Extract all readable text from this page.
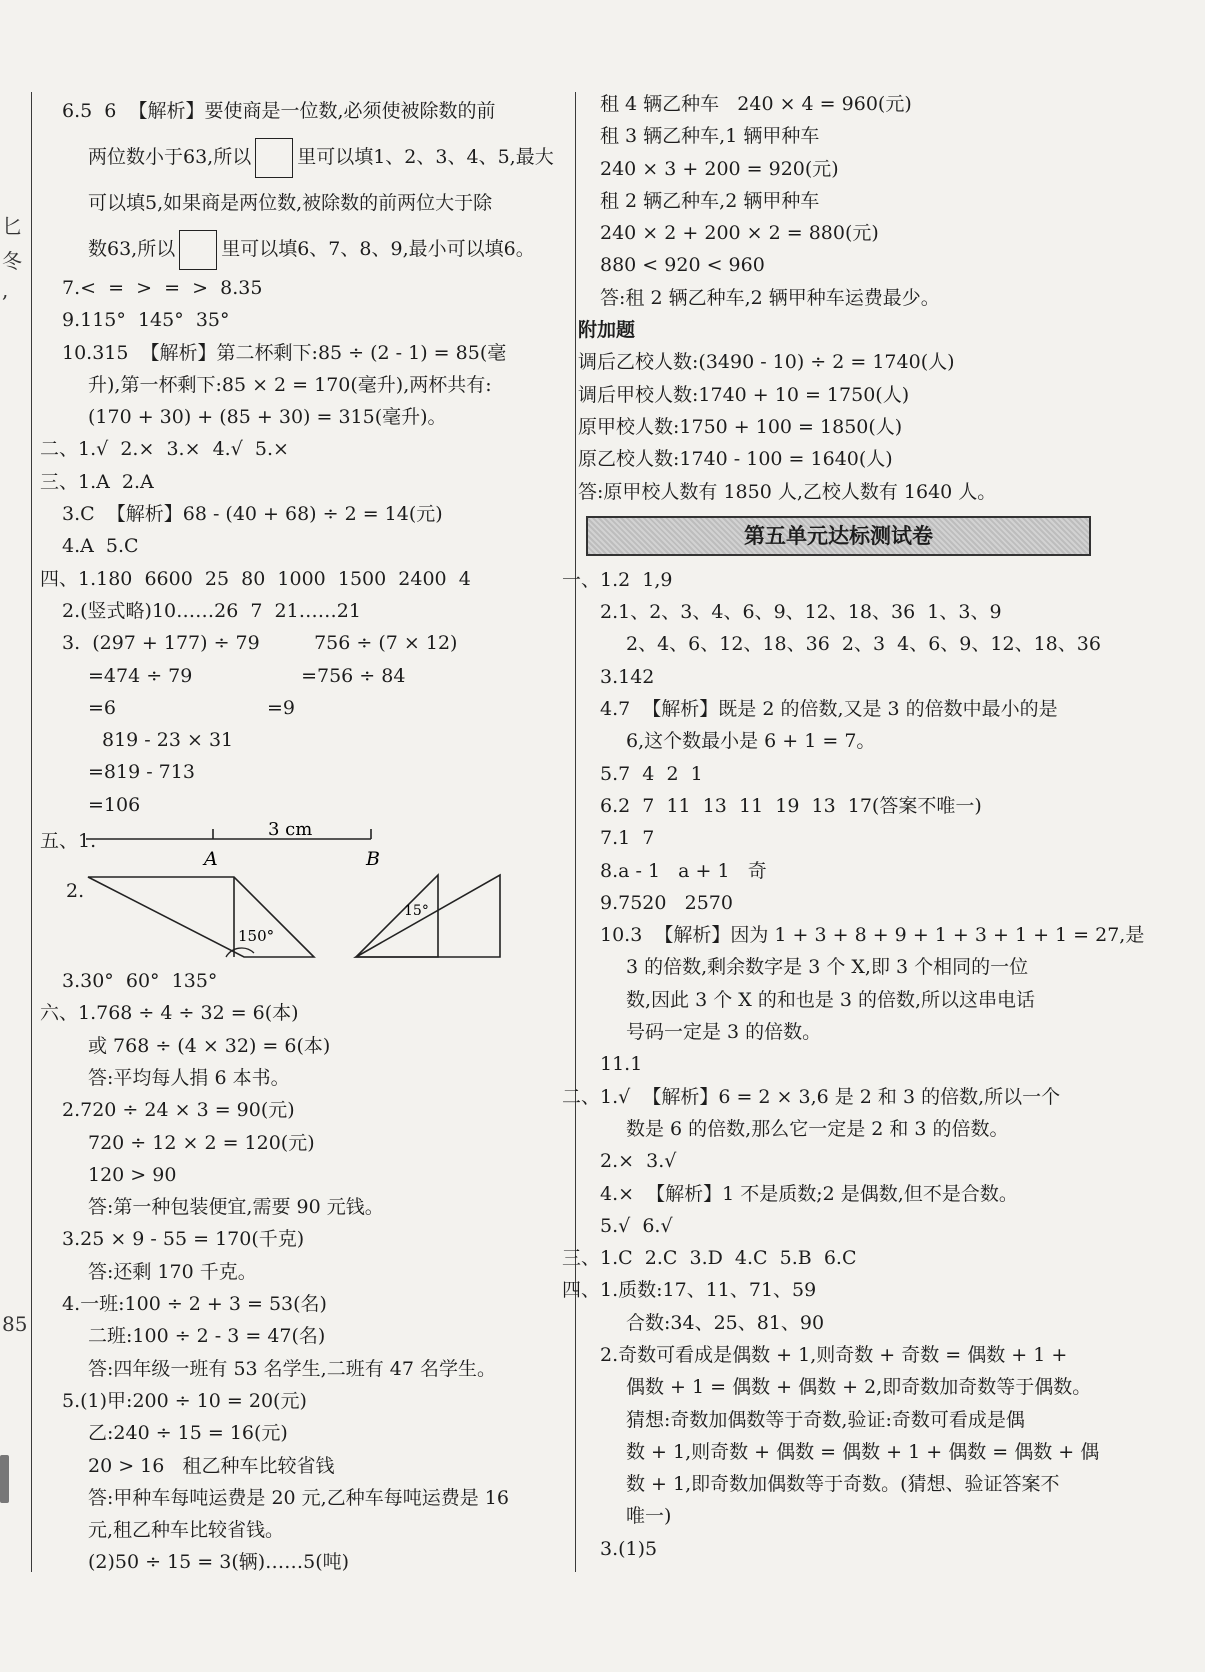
匕
冬
,
85
6.5  6  【解析】要使商是一位数,必须使被除数的前
两位数小于63,所以 里可以填1、2、3、4、5,最大
可以填5,如果商是两位数,被除数的前两位大于除
数63,所以 里可以填6、7、8、9,最小可以填6。
7.<  =  >  =  >  8.35
9.115°  145°  35°
10.315  【解析】第二杯剩下:85 ÷ (2 - 1) = 85(毫
升),第一杯剩下:85 × 2 = 170(毫升),两杯共有:
(170 + 30) + (85 + 30) = 315(毫升)。
二、1.√  2.×  3.×  4.√  5.×
三、1.A  2.A
3.C  【解析】68 - (40 + 68) ÷ 2 = 14(元)
4.A  5.C
四、1.180  6600  25  80  1000  1500  2400  4
2.(竖式略)10……26  7  21……21
3.  (297 + 177) ÷ 79         756 ÷ (7 × 12)
=474 ÷ 79                  =756 ÷ 84
=6                         =9
819 - 23 × 31
=819 - 713
=106
五、1.
3 cm
A	B
2.
150°
15°
3.30°  60°  135°
六、1.768 ÷ 4 ÷ 32 = 6(本)
或 768 ÷ (4 × 32) = 6(本)
答:平均每人捐 6 本书。
2.720 ÷ 24 × 3 = 90(元)
720 ÷ 12 × 2 = 120(元)
120 > 90
答:第一种包装便宜,需要 90 元钱。
3.25 × 9 - 55 = 170(千克)
答:还剩 170 千克。
4.一班:100 ÷ 2 + 3 = 53(名)
二班:100 ÷ 2 - 3 = 47(名)
答:四年级一班有 53 名学生,二班有 47 名学生。
5.(1)甲:200 ÷ 10 = 20(元)
乙:240 ÷ 15 = 16(元)
20 > 16   租乙种车比较省钱
答:甲种车每吨运费是 20 元,乙种车每吨运费是 16
元,租乙种车比较省钱。
(2)50 ÷ 15 = 3(辆)……5(吨)
租 4 辆乙种车   240 × 4 = 960(元)
租 3 辆乙种车,1 辆甲种车
240 × 3 + 200 = 920(元)
租 2 辆乙种车,2 辆甲种车
240 × 2 + 200 × 2 = 880(元)
880 < 920 < 960
答:租 2 辆乙种车,2 辆甲种车运费最少。
附加题
调后乙校人数:(3490 - 10) ÷ 2 = 1740(人)
调后甲校人数:1740 + 10 = 1750(人)
原甲校人数:1750 + 100 = 1850(人)
原乙校人数:1740 - 100 = 1640(人)
答:原甲校人数有 1850 人,乙校人数有 1640 人。
第五单元达标测试卷
一、1.2  1,9
2.1、2、3、4、6、9、12、18、36  1、3、9
2、4、6、12、18、36  2、3  4、6、9、12、18、36
3.142
4.7  【解析】既是 2 的倍数,又是 3 的倍数中最小的是
6,这个数最小是 6 + 1 = 7。
5.7  4  2  1
6.2  7  11  13  11  19  13  17(答案不唯一)
7.1  7
8.a - 1   a + 1   奇
9.7520   2570
10.3  【解析】因为 1 + 3 + 8 + 9 + 1 + 3 + 1 + 1 = 27,是
3 的倍数,剩余数字是 3 个 X,即 3 个相同的一位
数,因此 3 个 X 的和也是 3 的倍数,所以这串电话
号码一定是 3 的倍数。
11.1
二、1.√  【解析】6 = 2 × 3,6 是 2 和 3 的倍数,所以一个
数是 6 的倍数,那么它一定是 2 和 3 的倍数。
2.×  3.√
4.×  【解析】1 不是质数;2 是偶数,但不是合数。
5.√  6.√
三、1.C  2.C  3.D  4.C  5.B  6.C
四、1.质数:17、11、71、59
合数:34、25、81、90
2.奇数可看成是偶数 + 1,则奇数 + 奇数 = 偶数 + 1 +
偶数 + 1 = 偶数 + 偶数 + 2,即奇数加奇数等于偶数。
猜想:奇数加偶数等于奇数,验证:奇数可看成是偶
数 + 1,则奇数 + 偶数 = 偶数 + 1 + 偶数 = 偶数 + 偶
数 + 1,即奇数加偶数等于奇数。(猜想、验证答案不
唯一)
3.(1)5
